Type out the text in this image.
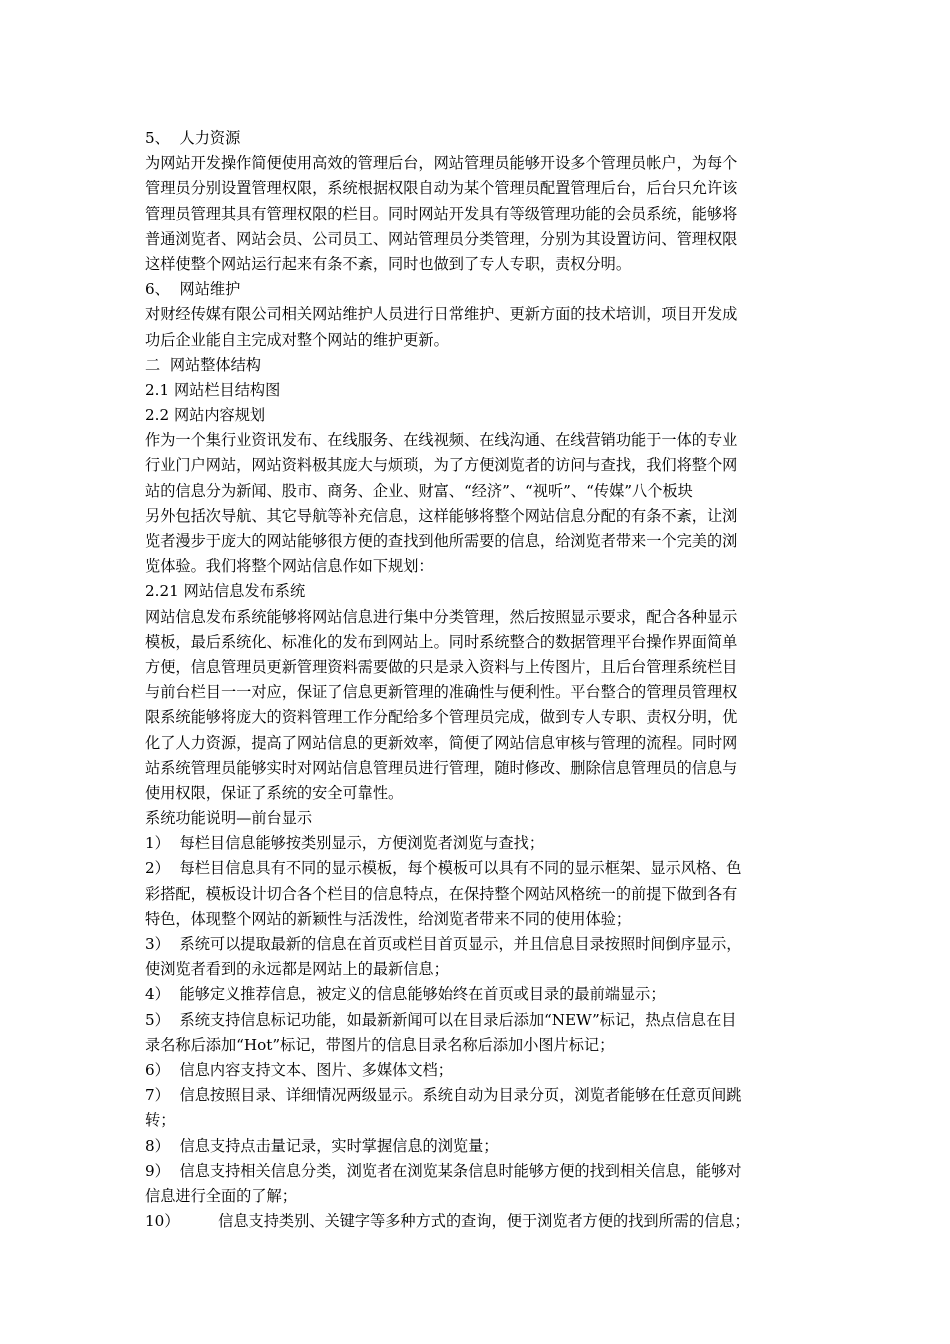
5、  人力资源
为网站开发操作简便使用高效的管理后台，网站管理员能够开设多个管理员帐户，为每个
管理员分别设置管理权限，系统根据权限自动为某个管理员配置管理后台，后台只允许该
管理员管理其具有管理权限的栏目。同时网站开发具有等级管理功能的会员系统，能够将
普通浏览者、网站会员、公司员工、网站管理员分类管理，分别为其设置访问、管理权限
这样使整个网站运行起来有条不紊，同时也做到了专人专职，责权分明。
6、  网站维护
对财经传媒有限公司相关网站维护人员进行日常维护、更新方面的技术培训，项目开发成
功后企业能自主完成对整个网站的维护更新。
二  网站整体结构
2.1 网站栏目结构图
2.2 网站内容规划
作为一个集行业资讯发布、在线服务、在线视频、在线沟通、在线营销功能于一体的专业
行业门户网站，网站资料极其庞大与烦琐，为了方便浏览者的访问与查找，我们将整个网
站的信息分为新闻、股市、商务、企业、财富、“经济”、“视听”、“传媒”八个板块
另外包括次导航、其它导航等补充信息，这样能够将整个网站信息分配的有条不紊，让浏
览者漫步于庞大的网站能够很方便的查找到他所需要的信息，给浏览者带来一个完美的浏
览体验。我们将整个网站信息作如下规划：
2.21 网站信息发布系统
网站信息发布系统能够将网站信息进行集中分类管理，然后按照显示要求，配合各种显示
模板，最后系统化、标准化的发布到网站上。同时系统整合的数据管理平台操作界面简单
方便，信息管理员更新管理资料需要做的只是录入资料与上传图片，且后台管理系统栏目
与前台栏目一一对应，保证了信息更新管理的准确性与便利性。平台整合的管理员管理权
限系统能够将庞大的资料管理工作分配给多个管理员完成，做到专人专职、责权分明，优
化了人力资源，提高了网站信息的更新效率，简便了网站信息审核与管理的流程。同时网
站系统管理员能够实时对网站信息管理员进行管理，随时修改、删除信息管理员的信息与
使用权限，保证了系统的安全可靠性。
系统功能说明—前台显示
1）  每栏目信息能够按类别显示，方便浏览者浏览与查找；
2）  每栏目信息具有不同的显示模板，每个模板可以具有不同的显示框架、显示风格、色
彩搭配，模板设计切合各个栏目的信息特点，在保持整个网站风格统一的前提下做到各有
特色，体现整个网站的新颖性与活泼性，给浏览者带来不同的使用体验；
3）  系统可以提取最新的信息在首页或栏目首页显示，并且信息目录按照时间倒序显示，
使浏览者看到的永远都是网站上的最新信息；
4）  能够定义推荐信息，被定义的信息能够始终在首页或目录的最前端显示；
5）  系统支持信息标记功能，如最新新闻可以在目录后添加“NEW”标记，热点信息在目
录名称后添加“Hot”标记，带图片的信息目录名称后添加小图片标记；
6）  信息内容支持文本、图片、多媒体文档；
7）  信息按照目录、详细情况两级显示。系统自动为目录分页，浏览者能够在任意页间跳
转；
8）  信息支持点击量记录，实时掌握信息的浏览量；
9）  信息支持相关信息分类，浏览者在浏览某条信息时能够方便的找到相关信息，能够对
信息进行全面的了解；
10）        信息支持类别、关键字等多种方式的查询，便于浏览者方便的找到所需的信息；
